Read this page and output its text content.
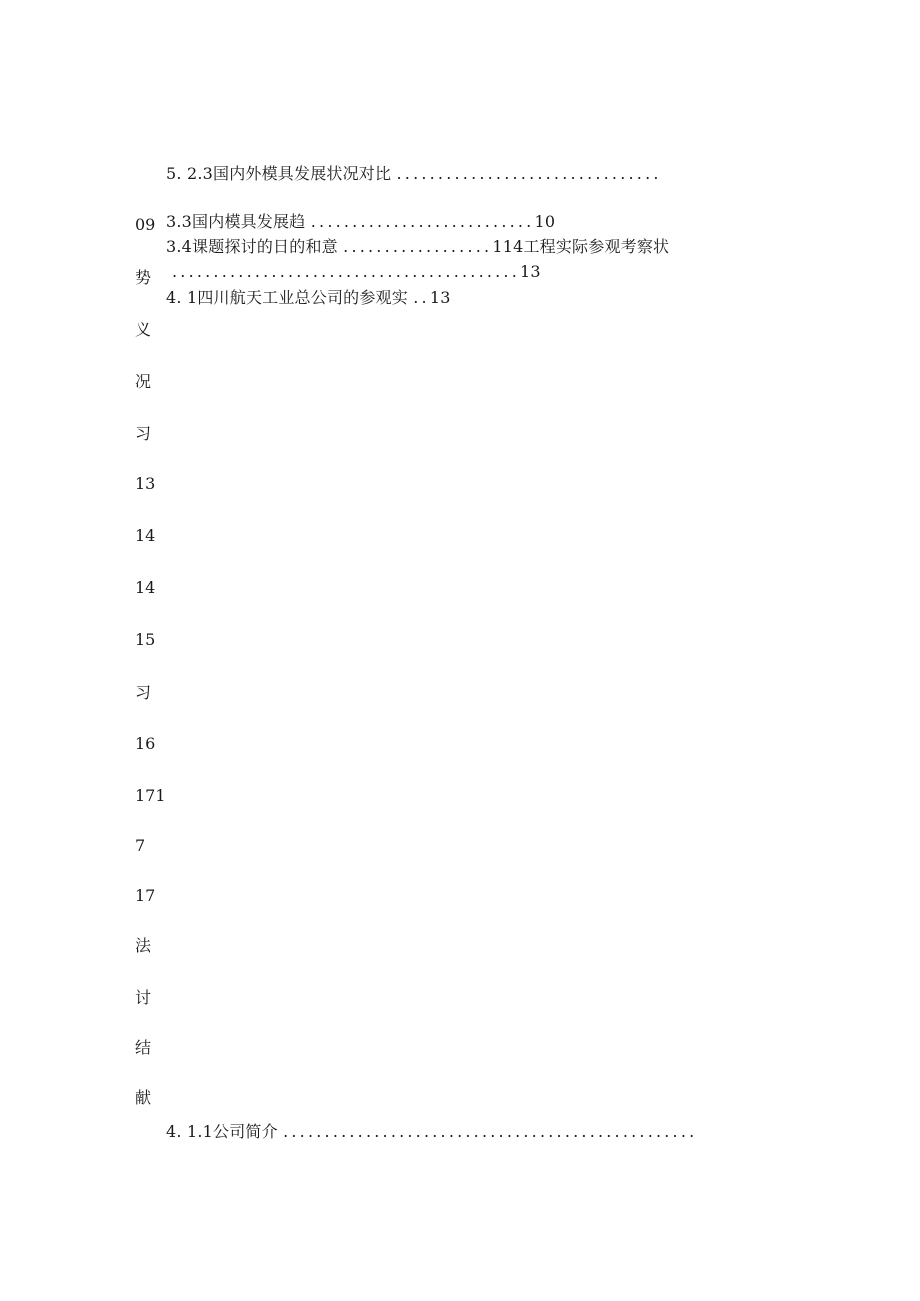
5. 2.3国内外模具发展状况对比 ................................
3.3国内模具发展趋 ...........................10
3.4课题探讨的日的和意 ..................114工程实际参观考察状
..........................................13
4. 1四川航天工业总公司的参观实 ..13
09
势
义
况
习
13
14
14
15
习
16
171
7
17
法
讨
结
献
4. 1.1公司简介 ..................................................
